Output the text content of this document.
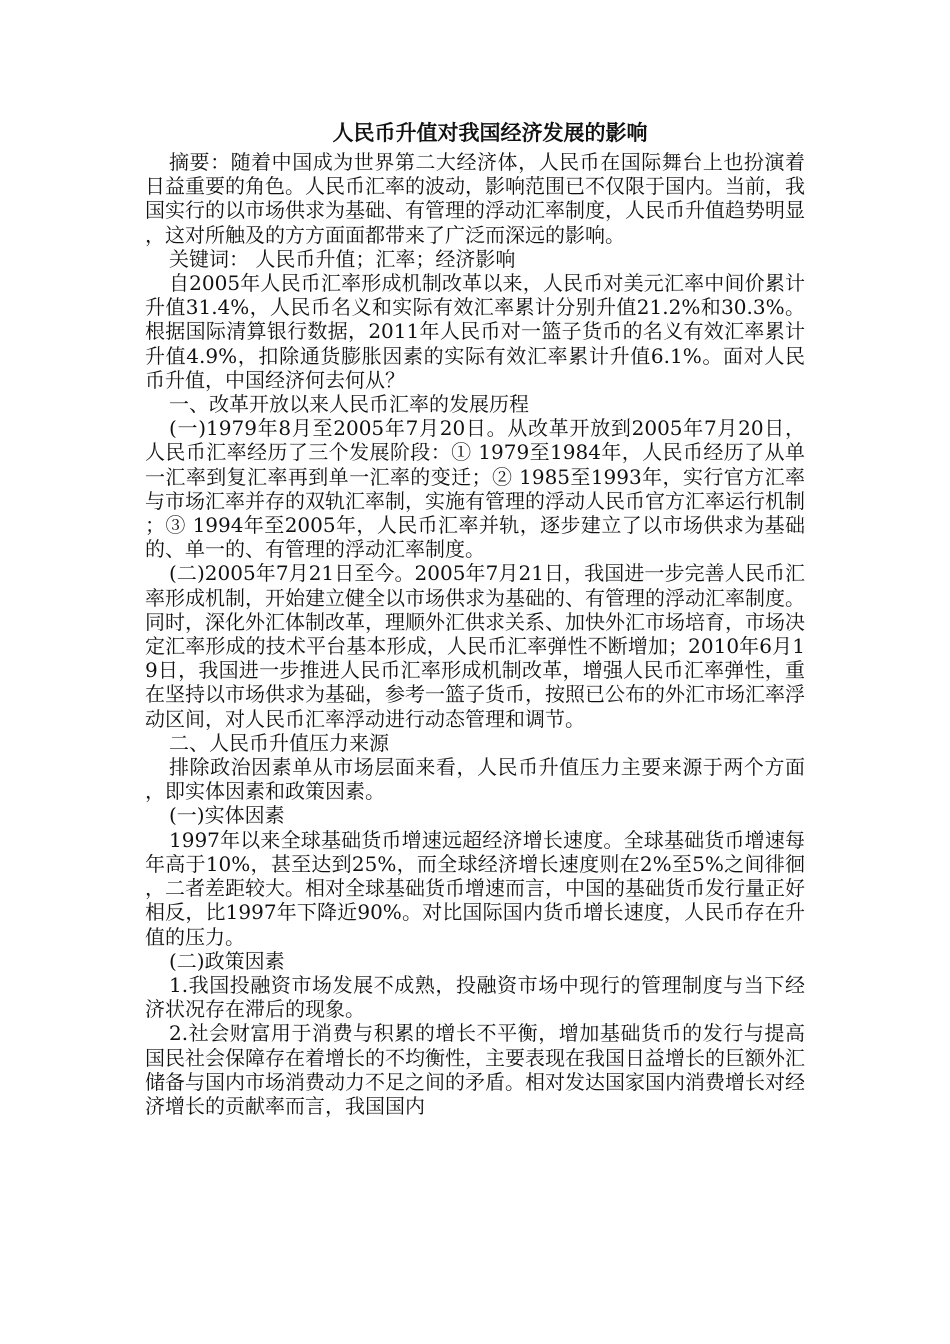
人民币升值对我国经济发展的影响

摘要：随着中国成为世界第二大经济体，人民币在国际舞台上也扮演着日益重要的角色。人民币汇率的波动，影响范围已不仅限于国内。当前，我国实行的以市场供求为基础、有管理的浮动汇率制度，人民币升值趋势明显，这对所触及的方方面面都带来了广泛而深远的影响。

关键词： 人民币升值；汇率；经济影响

自2005年人民币汇率形成机制改革以来，人民币对美元汇率中间价累计升值31.4%，人民币名义和实际有效汇率累计分别升值21.2%和30.3%。根据国际清算银行数据，2011年人民币对一篮子货币的名义有效汇率累计升值4.9%，扣除通货膨胀因素的实际有效汇率累计升值6.1%。面对人民币升值，中国经济何去何从？

一、改革开放以来人民币汇率的发展历程

(一)1979年8月至2005年7月20日。从改革开放到2005年7月20日，人民币汇率经历了三个发展阶段：① 1979至1984年，人民币经历了从单一汇率到复汇率再到单一汇率的变迁；② 1985至1993年，实行官方汇率与市场汇率并存的双轨汇率制，实施有管理的浮动人民币官方汇率运行机制；③ 1994年至2005年，人民币汇率并轨，逐步建立了以市场供求为基础的、单一的、有管理的浮动汇率制度。

(二)2005年7月21日至今。2005年7月21日，我国进一步完善人民币汇率形成机制，开始建立健全以市场供求为基础的、有管理的浮动汇率制度。同时，深化外汇体制改革，理顺外汇供求关系、加快外汇市场培育，市场决定汇率形成的技术平台基本形成，人民币汇率弹性不断增加；2010年6月19日，我国进一步推进人民币汇率形成机制改革，增强人民币汇率弹性，重在坚持以市场供求为基础，参考一篮子货币，按照已公布的外汇市场汇率浮动区间，对人民币汇率浮动进行动态管理和调节。

二、人民币升值压力来源

排除政治因素单从市场层面来看，人民币升值压力主要来源于两个方面，即实体因素和政策因素。

(一)实体因素

1997年以来全球基础货币增速远超经济增长速度。全球基础货币增速每年高于10%，甚至达到25%，而全球经济增长速度则在2%至5%之间徘徊，二者差距较大。相对全球基础货币增速而言，中国的基础货币发行量正好相反，比1997年下降近90%。对比国际国内货币增长速度，人民币存在升值的压力。

(二)政策因素

1.我国投融资市场发展不成熟，投融资市场中现行的管理制度与当下经济状况存在滞后的现象。

2.社会财富用于消费与积累的增长不平衡，增加基础货币的发行与提高国民社会保障存在着增长的不均衡性，主要表现在我国日益增长的巨额外汇储备与国内市场消费动力不足之间的矛盾。相对发达国家国内消费增长对经济增长的贡献率而言，我国国内
